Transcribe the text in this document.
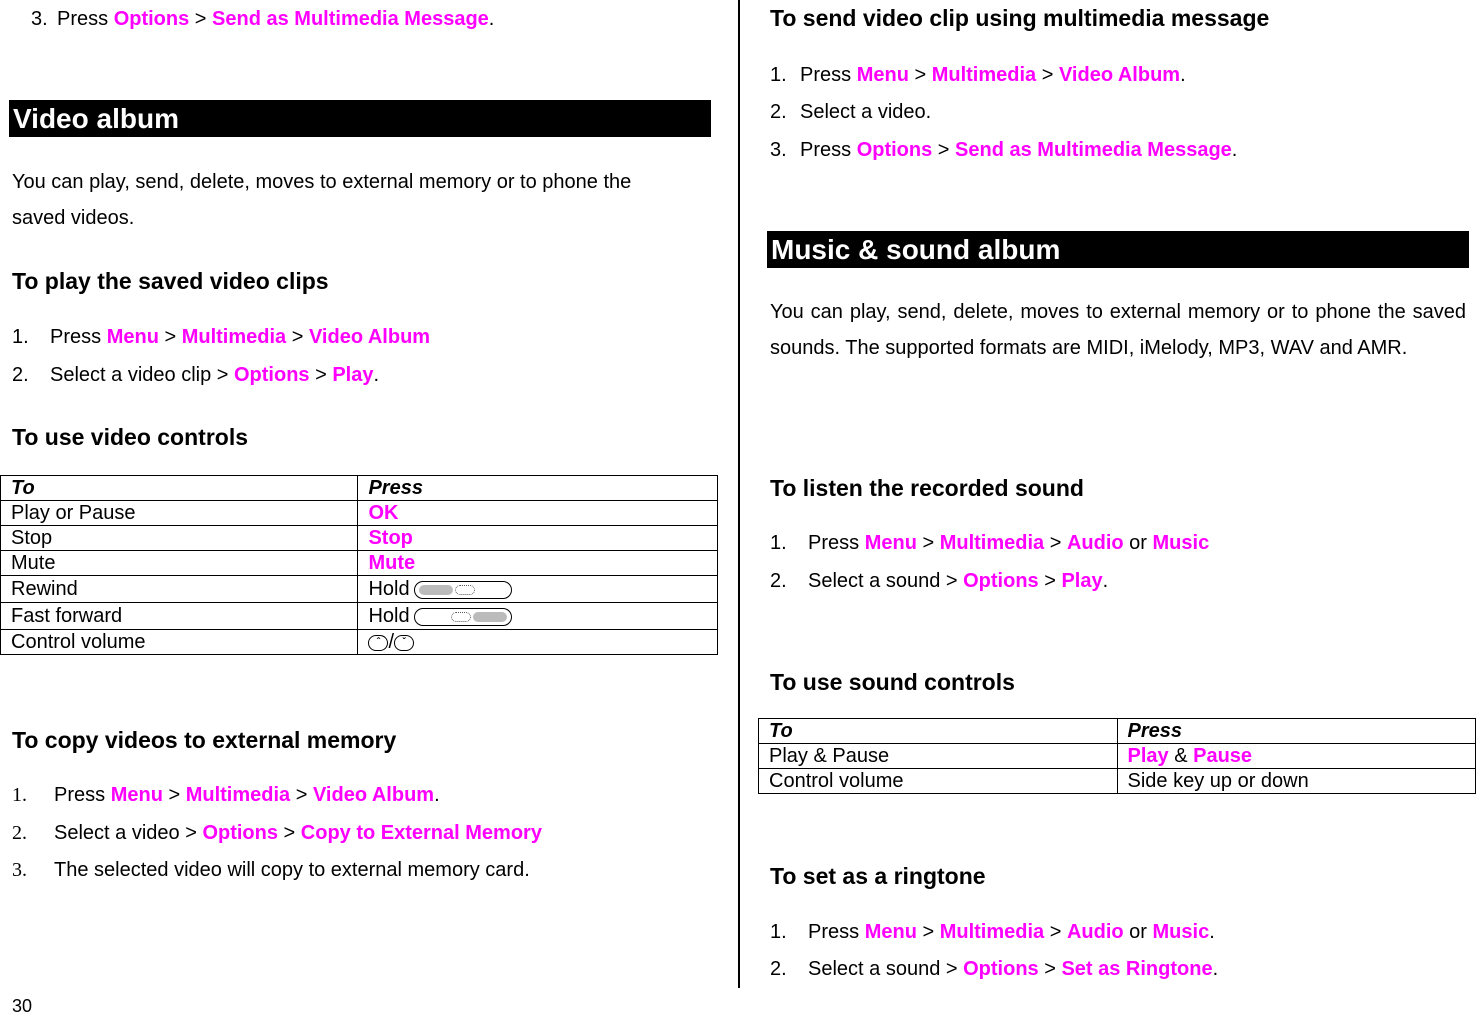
3. Press Options > Send as Multimedia Message.
Video album
You can play, send, delete, moves to external memory or to phone the
saved videos.
To play the saved video clips
1. Press Menu > Multimedia > Video Album
2. Select a video clip > Options > Play.
To use video controls
To	Press
Play or Pause	OK
Stop	Stop
Mute	Mute
Rewind	Hold

Fast forward	Hold

Control volume	ˆ / ˇ
To copy videos to external memory
1. Press Menu > Multimedia > Video Album.
2. Select a video > Options > Copy to External Memory
3. The selected video will copy to external memory card.
30
To send video clip using multimedia message
1. Press Menu > Multimedia > Video Album.
2. Select a video.
3. Press Options > Send as Multimedia Message.
Music & sound album
You can play, send, delete, moves to external memory or to phone the saved sounds. The supported formats are MIDI, iMelody, MP3, WAV and AMR.
To listen the recorded sound
1. Press Menu > Multimedia > Audio or Music
2. Select a sound > Options > Play.
To use sound controls
To	Press
Play & Pause	Play & Pause
Control volume	Side key up or down
To set as a ringtone
1. Press Menu > Multimedia > Audio or Music.
2. Select a sound > Options > Set as Ringtone.
